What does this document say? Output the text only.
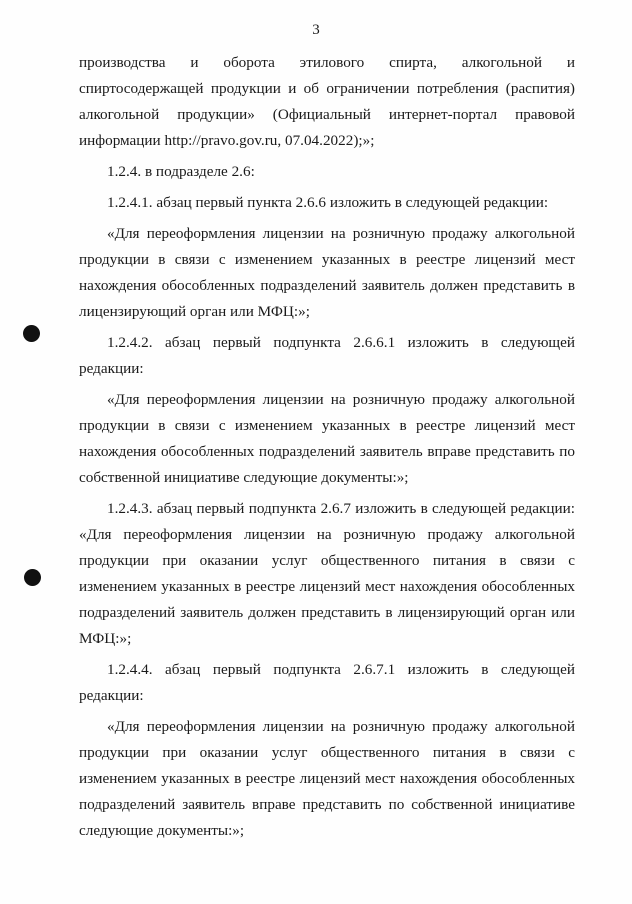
3

производства и оборота этилового спирта, алкогольной и спиртосодержащей продукции и об ограничении потребления (распития) алкогольной продукции» (Официальный интернет-портал правовой информации http://pravo.gov.ru, 07.04.2022);»;

1.2.4. в подразделе 2.6:

1.2.4.1. абзац первый пункта 2.6.6 изложить в следующей редакции:

«Для переоформления лицензии на розничную продажу алкогольной продукции в связи с изменением указанных в реестре лицензий мест нахождения обособленных подразделений заявитель должен представить в лицензирующий орган или МФЦ:»;

1.2.4.2. абзац первый подпункта 2.6.6.1 изложить в следующей редакции:

«Для переоформления лицензии на розничную продажу алкогольной продукции в связи с изменением указанных в реестре лицензий мест нахождения обособленных подразделений заявитель вправе представить по собственной инициативе следующие документы:»;

1.2.4.3. абзац первый подпункта 2.6.7 изложить в следующей редакции: «Для переоформления лицензии на розничную продажу алкогольной продукции при оказании услуг общественного питания в связи с изменением указанных в реестре лицензий мест нахождения обособленных подразделений заявитель должен представить в лицензирующий орган или МФЦ:»;

1.2.4.4. абзац первый подпункта 2.6.7.1 изложить в следующей редакции:

«Для переоформления лицензии на розничную продажу алкогольной продукции при оказании услуг общественного питания в связи с изменением указанных в реестре лицензий мест нахождения обособленных подразделений заявитель вправе представить по собственной инициативе следующие документы:»;
